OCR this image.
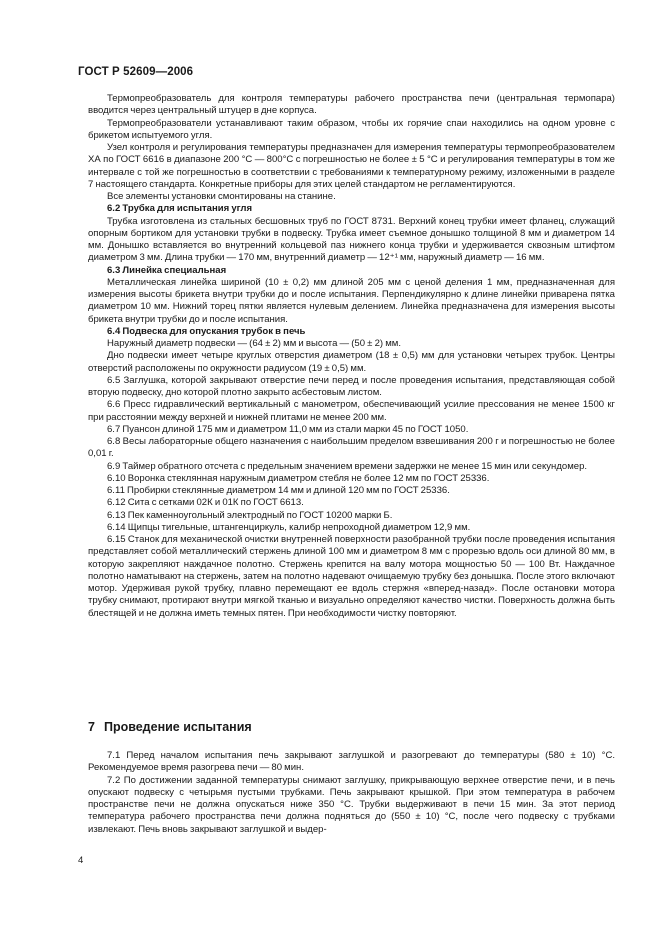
ГОСТ Р 52609—2006

Термопреобразователь для контроля температуры рабочего пространства печи (центральная термопара) вводится через центральный штуцер в дне корпуса.

Термопреобразователи устанавливают таким образом, чтобы их горячие спаи находились на одном уровне с брикетом испытуемого угля.

Узел контроля и регулирования температуры предназначен для измерения температуры термопреобразователем ХА по ГОСТ 6616 в диапазоне 200 °С — 800°С с погрешностью не более ± 5 °С и регулирования температуры в том же интервале с той же погрешностью в соответствии с требованиями к температурному режиму, изложенными в разделе 7 настоящего стандарта. Конкретные приборы для этих целей стандартом не регламентируются.

Все элементы установки смонтированы на станине.

6.2 Трубка для испытания угля

Трубка изготовлена из стальных бесшовных труб по ГОСТ 8731. Верхний конец трубки имеет фланец, служащий опорным бортиком для установки трубки в подвеску. Трубка имеет съемное донышко толщиной 8 мм и диаметром 14 мм. Донышко вставляется во внутренний кольцевой паз нижнего конца трубки и удерживается сквозным штифтом диаметром 3 мм. Длина трубки — 170 мм, внутренний диаметр — 12⁺¹ мм, наружный диаметр — 16 мм.

6.3 Линейка специальная

Металлическая линейка шириной (10 ± 0,2) мм длиной 205 мм с ценой деления 1 мм, предназначенная для измерения высоты брикета внутри трубки до и после испытания. Перпендикулярно к длине линейки приварена пятка диаметром 10 мм. Нижний торец пятки является нулевым делением. Линейка предназначена для измерения высоты брикета внутри трубки до и после испытания.

6.4 Подвеска для опускания трубок в печь

Наружный диаметр подвески — (64 ± 2) мм и высота — (50 ± 2) мм.

Дно подвески имеет четыре круглых отверстия диаметром (18 ± 0,5) мм для установки четырех трубок. Центры отверстий расположены по окружности радиусом (19 ± 0,5) мм.

6.5 Заглушка, которой закрывают отверстие печи перед и после проведения испытания, представляющая собой вторую подвеску, дно которой плотно закрыто асбестовым листом.

6.6 Пресс гидравлический вертикальный с манометром, обеспечивающий усилие прессования не менее 1500 кг при расстоянии между верхней и нижней плитами не менее 200 мм.

6.7 Пуансон длиной 175 мм и диаметром 11,0 мм из стали марки 45 по ГОСТ 1050.

6.8 Весы лабораторные общего назначения с наибольшим пределом взвешивания 200 г и погрешностью не более 0,01 г.

6.9 Таймер обратного отсчета с предельным значением времени задержки не менее 15 мин или секундомер.

6.10 Воронка стеклянная наружным диаметром стебля не более 12 мм по ГОСТ 25336.

6.11 Пробирки стеклянные диаметром 14 мм и длиной 120 мм по ГОСТ 25336.

6.12 Сита с сетками 02К и 01К по ГОСТ 6613.

6.13 Пек каменноугольный электродный по ГОСТ 10200 марки Б.

6.14 Щипцы тигельные, штангенциркуль, калибр непроходной диаметром 12,9 мм.

6.15 Станок для механической очистки внутренней поверхности разобранной трубки после проведения испытания представляет собой металлический стержень длиной 100 мм и диаметром 8 мм с прорезью вдоль оси длиной 80 мм, в которую закрепляют наждачное полотно. Стержень крепится на валу мотора мощностью 50 — 100 Вт. Наждачное полотно наматывают на стержень, затем на полотно надевают очищаемую трубку без донышка. После этого включают мотор. Удерживая рукой трубку, плавно перемещают ее вдоль стержня «вперед-назад». После остановки мотора трубку снимают, протирают внутри мягкой тканью и визуально определяют качество чистки. Поверхность должна быть блестящей и не должна иметь темных пятен. При необходимости чистку повторяют.

7 Проведение испытания

7.1 Перед началом испытания печь закрывают заглушкой и разогревают до температуры (580 ± 10) °С. Рекомендуемое время разогрева печи — 80 мин.

7.2 По достижении заданной температуры снимают заглушку, прикрывающую верхнее отверстие печи, и в печь опускают подвеску с четырьмя пустыми трубками. Печь закрывают крышкой. При этом температура в рабочем пространстве печи не должна опускаться ниже 350 °С. Трубки выдерживают в печи 15 мин. За этот период температура рабочего пространства печи должна подняться до (550 ± 10) °С, после чего подвеску с трубками извлекают. Печь вновь закрывают заглушкой и выдер-

4
